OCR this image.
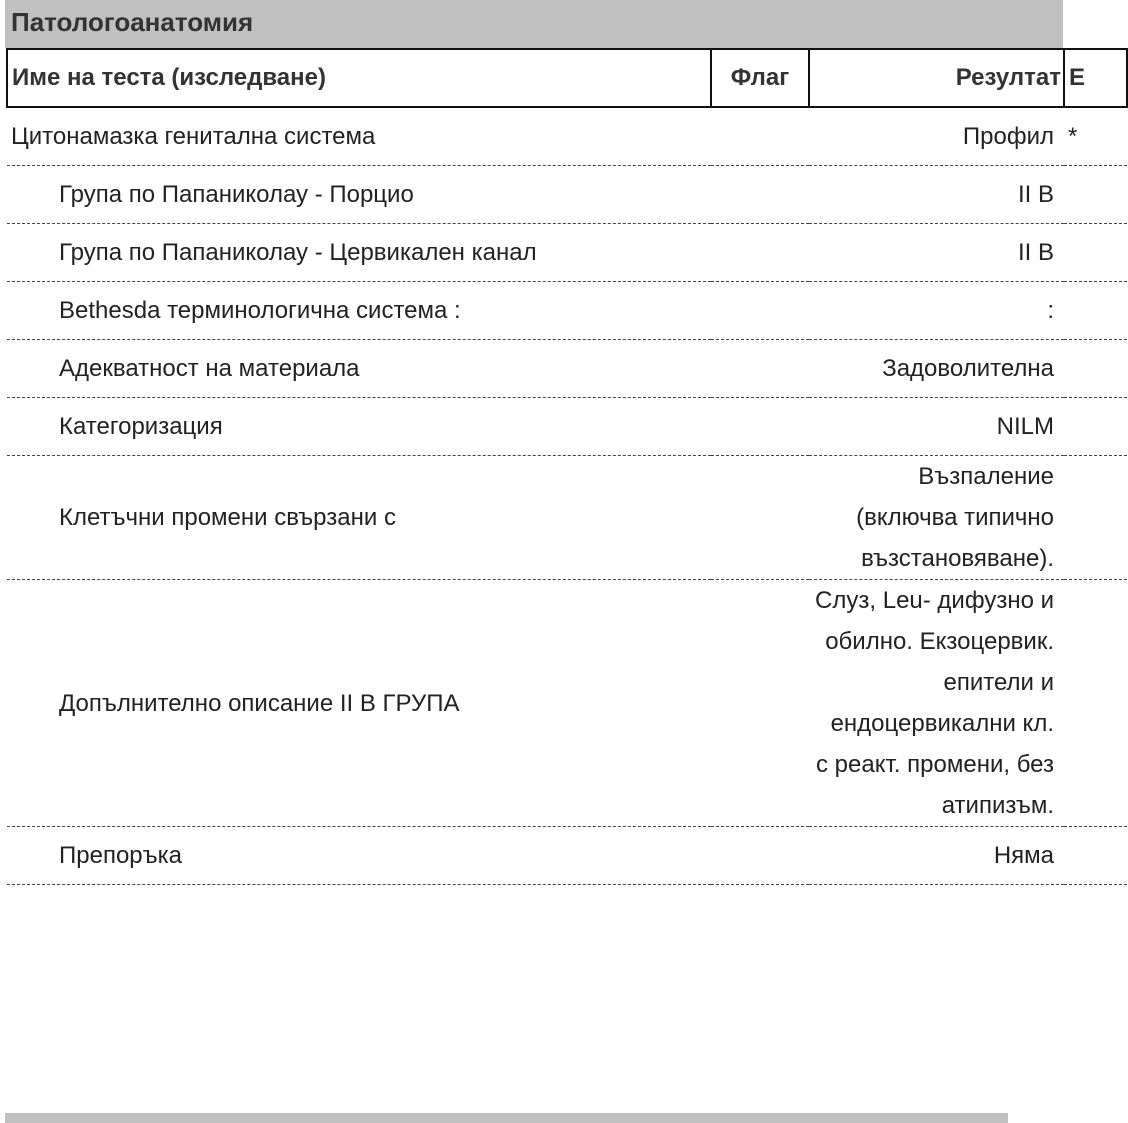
Патологоанатомия
Име на теста (изследване)	Флаг	Резултат	Е
Цитонамазка генитална система		Профил	*
Група по Папаниколау - Порцио		II В	
Група по Папаниколау - Цервикален канал		II В	
Bethesda терминологична система :		:	
Адекватност на материала		Задоволителна	
Категоризация		NILM	
Клетъчни промени свързани с		Възпаление (включва типично възстановяване).	
Допълнително описание II В ГРУПА		Слуз, Leu- дифузно и обилно. Екзоцервик. епители и ендоцервикални кл. с реакт. промени, без атипизъм.	
Препоръка		Няма	
